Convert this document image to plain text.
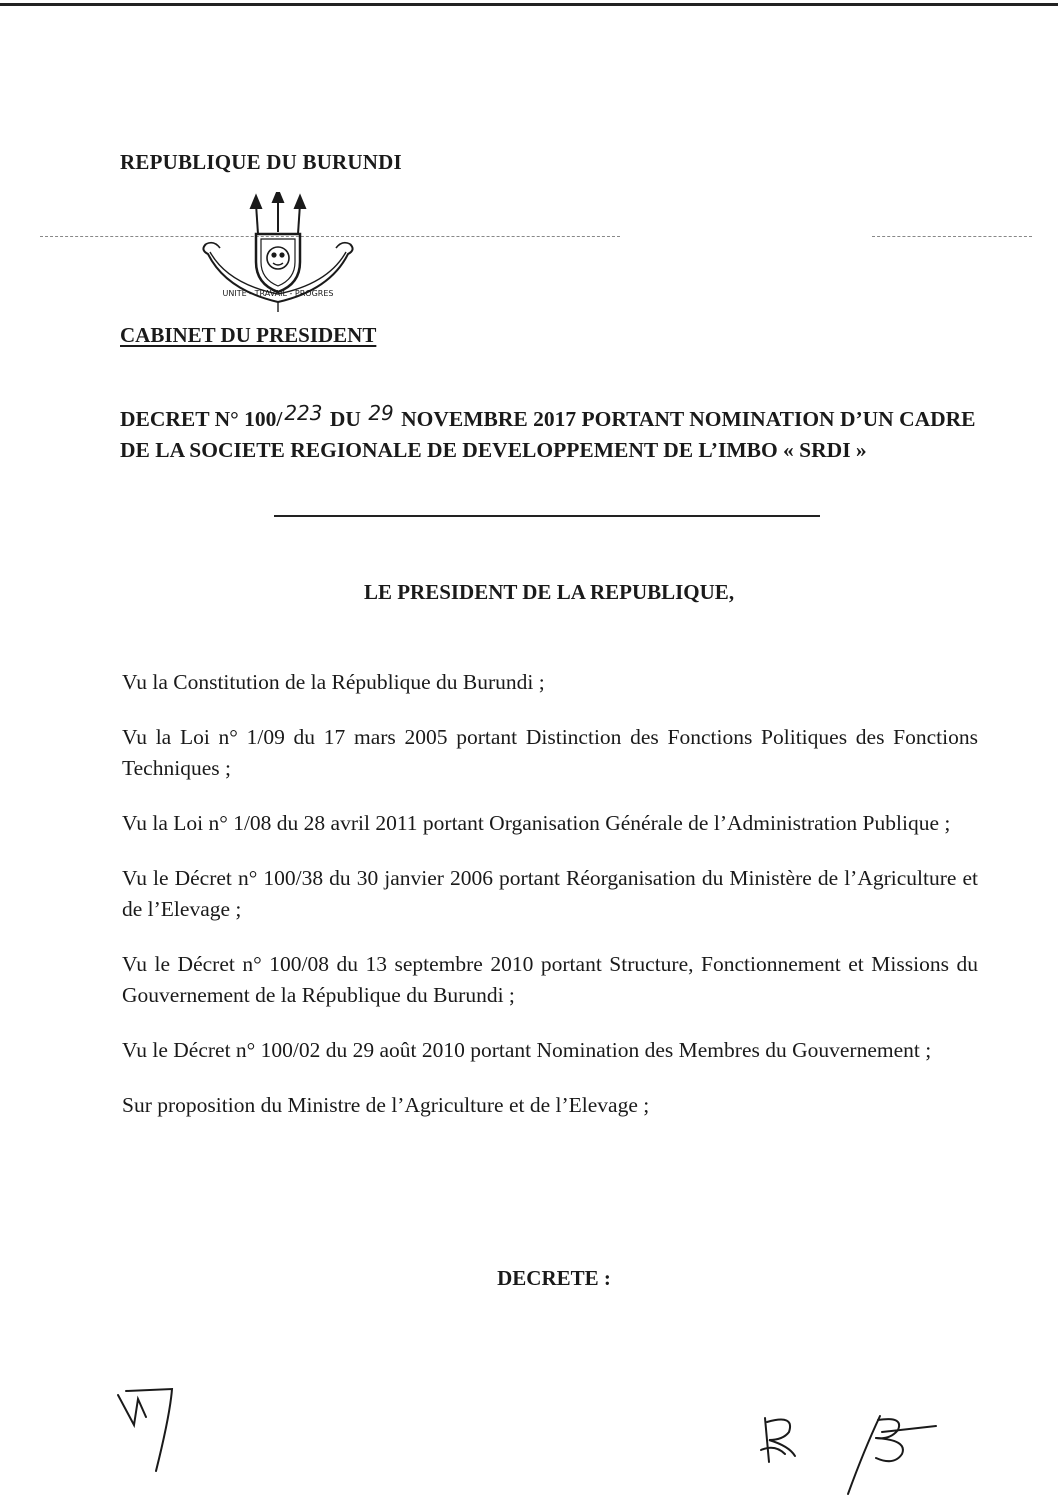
REPUBLIQUE DU BURUNDI
UNITE - TRAVAIL - PROGRES
CABINET DU PRESIDENT
DECRET N° 100/ 223 DU 29 NOVEMBRE 2017 PORTANT NOMINATION D’UN CADRE DE LA SOCIETE REGIONALE DE DEVELOPPEMENT DE L’IMBO « SRDI »
LE PRESIDENT DE LA REPUBLIQUE,

Vu la Constitution de la République du Burundi ;

Vu la Loi n° 1/09 du 17 mars 2005 portant Distinction des Fonctions Politiques des Fonctions Techniques ;

Vu la Loi n° 1/08 du 28 avril 2011 portant Organisation Générale de l’Administration Publique ;

Vu le Décret n° 100/38 du 30 janvier 2006 portant Réorganisation du Ministère de l’Agriculture et de l’Elevage ;

Vu le Décret n° 100/08 du 13 septembre 2010 portant Structure, Fonctionnement et Missions du Gouvernement de la République du Burundi ;

Vu le Décret n° 100/02 du 29 août 2010 portant Nomination des Membres du Gouvernement ;

Sur proposition du Ministre de l’Agriculture et de l’Elevage ;

DECRETE :
